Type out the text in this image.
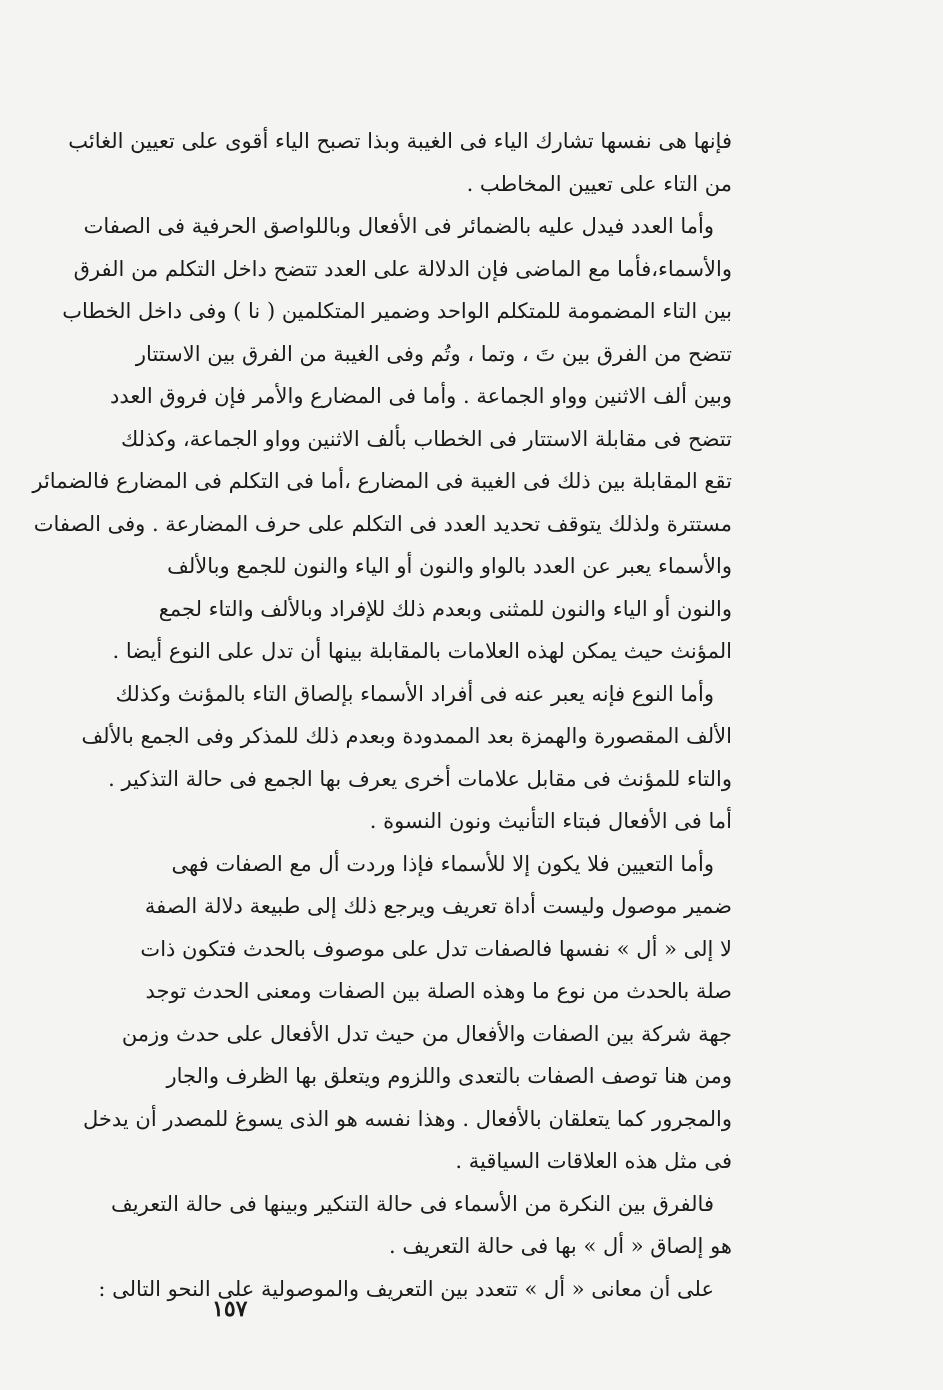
فإنها هى نفسها تشارك الياء فى الغيبة وبذا تصبح الياء أقوى على تعيين الغائب
من التاء على تعيين المخاطب .
وأما العدد فيدل عليه بالضمائر فى الأفعال وباللواصق الحرفية فى الصفات
والأسماء،فأما مع الماضى فإن الدلالة على العدد تتضح داخل التكلم من الفرق
بين التاء المضمومة للمتكلم الواحد وضمير المتكلمين ( نا ) وفى داخل الخطاب
تتضح من الفرق بين تَ ، وتما ، وتُم وفى الغيبة من الفرق بين الاستتار
وبين ألف الاثنين وواو الجماعة . وأما فى المضارع والأمر فإن فروق العدد
تتضح فى مقابلة الاستتار فى الخطاب بألف الاثنين وواو الجماعة، وكذلك
تقع المقابلة بين ذلك فى الغيبة فى المضارع ،أما فى التكلم فى المضارع فالضمائر
مستترة ولذلك يتوقف تحديد العدد فى التكلم على حرف المضارعة . وفى الصفات
والأسماء يعبر عن العدد بالواو والنون أو الياء والنون للجمع وبالألف
والنون أو الياء والنون للمثنى وبعدم ذلك للإفراد وبالألف والتاء لجمع
المؤنث حيث يمكن لهذه العلامات بالمقابلة بينها أن تدل على النوع أيضا .
وأما النوع فإنه يعبر عنه فى أفراد الأسماء بإلصاق التاء بالمؤنث وكذلك
الألف المقصورة والهمزة بعد الممدودة وبعدم ذلك للمذكر وفى الجمع بالألف
والتاء للمؤنث فى مقابل علامات أخرى يعرف بها الجمع فى حالة التذكير .
أما فى الأفعال فبتاء التأنيث ونون النسوة .
وأما التعيين فلا يكون إلا للأسماء فإذا وردت أل مع الصفات فهى
ضمير موصول وليست أداة تعريف ويرجع ذلك إلى طبيعة دلالة الصفة
لا إلى « أل » نفسها فالصفات تدل على موصوف بالحدث فتكون ذات
صلة بالحدث من نوع ما وهذه الصلة بين الصفات ومعنى الحدث توجد
جهة شركة بين الصفات والأفعال من حيث تدل الأفعال على حدث وزمن
ومن هنا توصف الصفات بالتعدى واللزوم ويتعلق بها الظرف والجار
والمجرور كما يتعلقان بالأفعال . وهذا نفسه هو الذى يسوغ للمصدر أن يدخل
فى مثل هذه العلاقات السياقية .
فالفرق بين النكرة من الأسماء فى حالة التنكير وبينها فى حالة التعريف
هو إلصاق « أل » بها فى حالة التعريف .
على أن معانى « أل » تتعدد بين التعريف والموصولية على النحو التالى :
١٥٧
